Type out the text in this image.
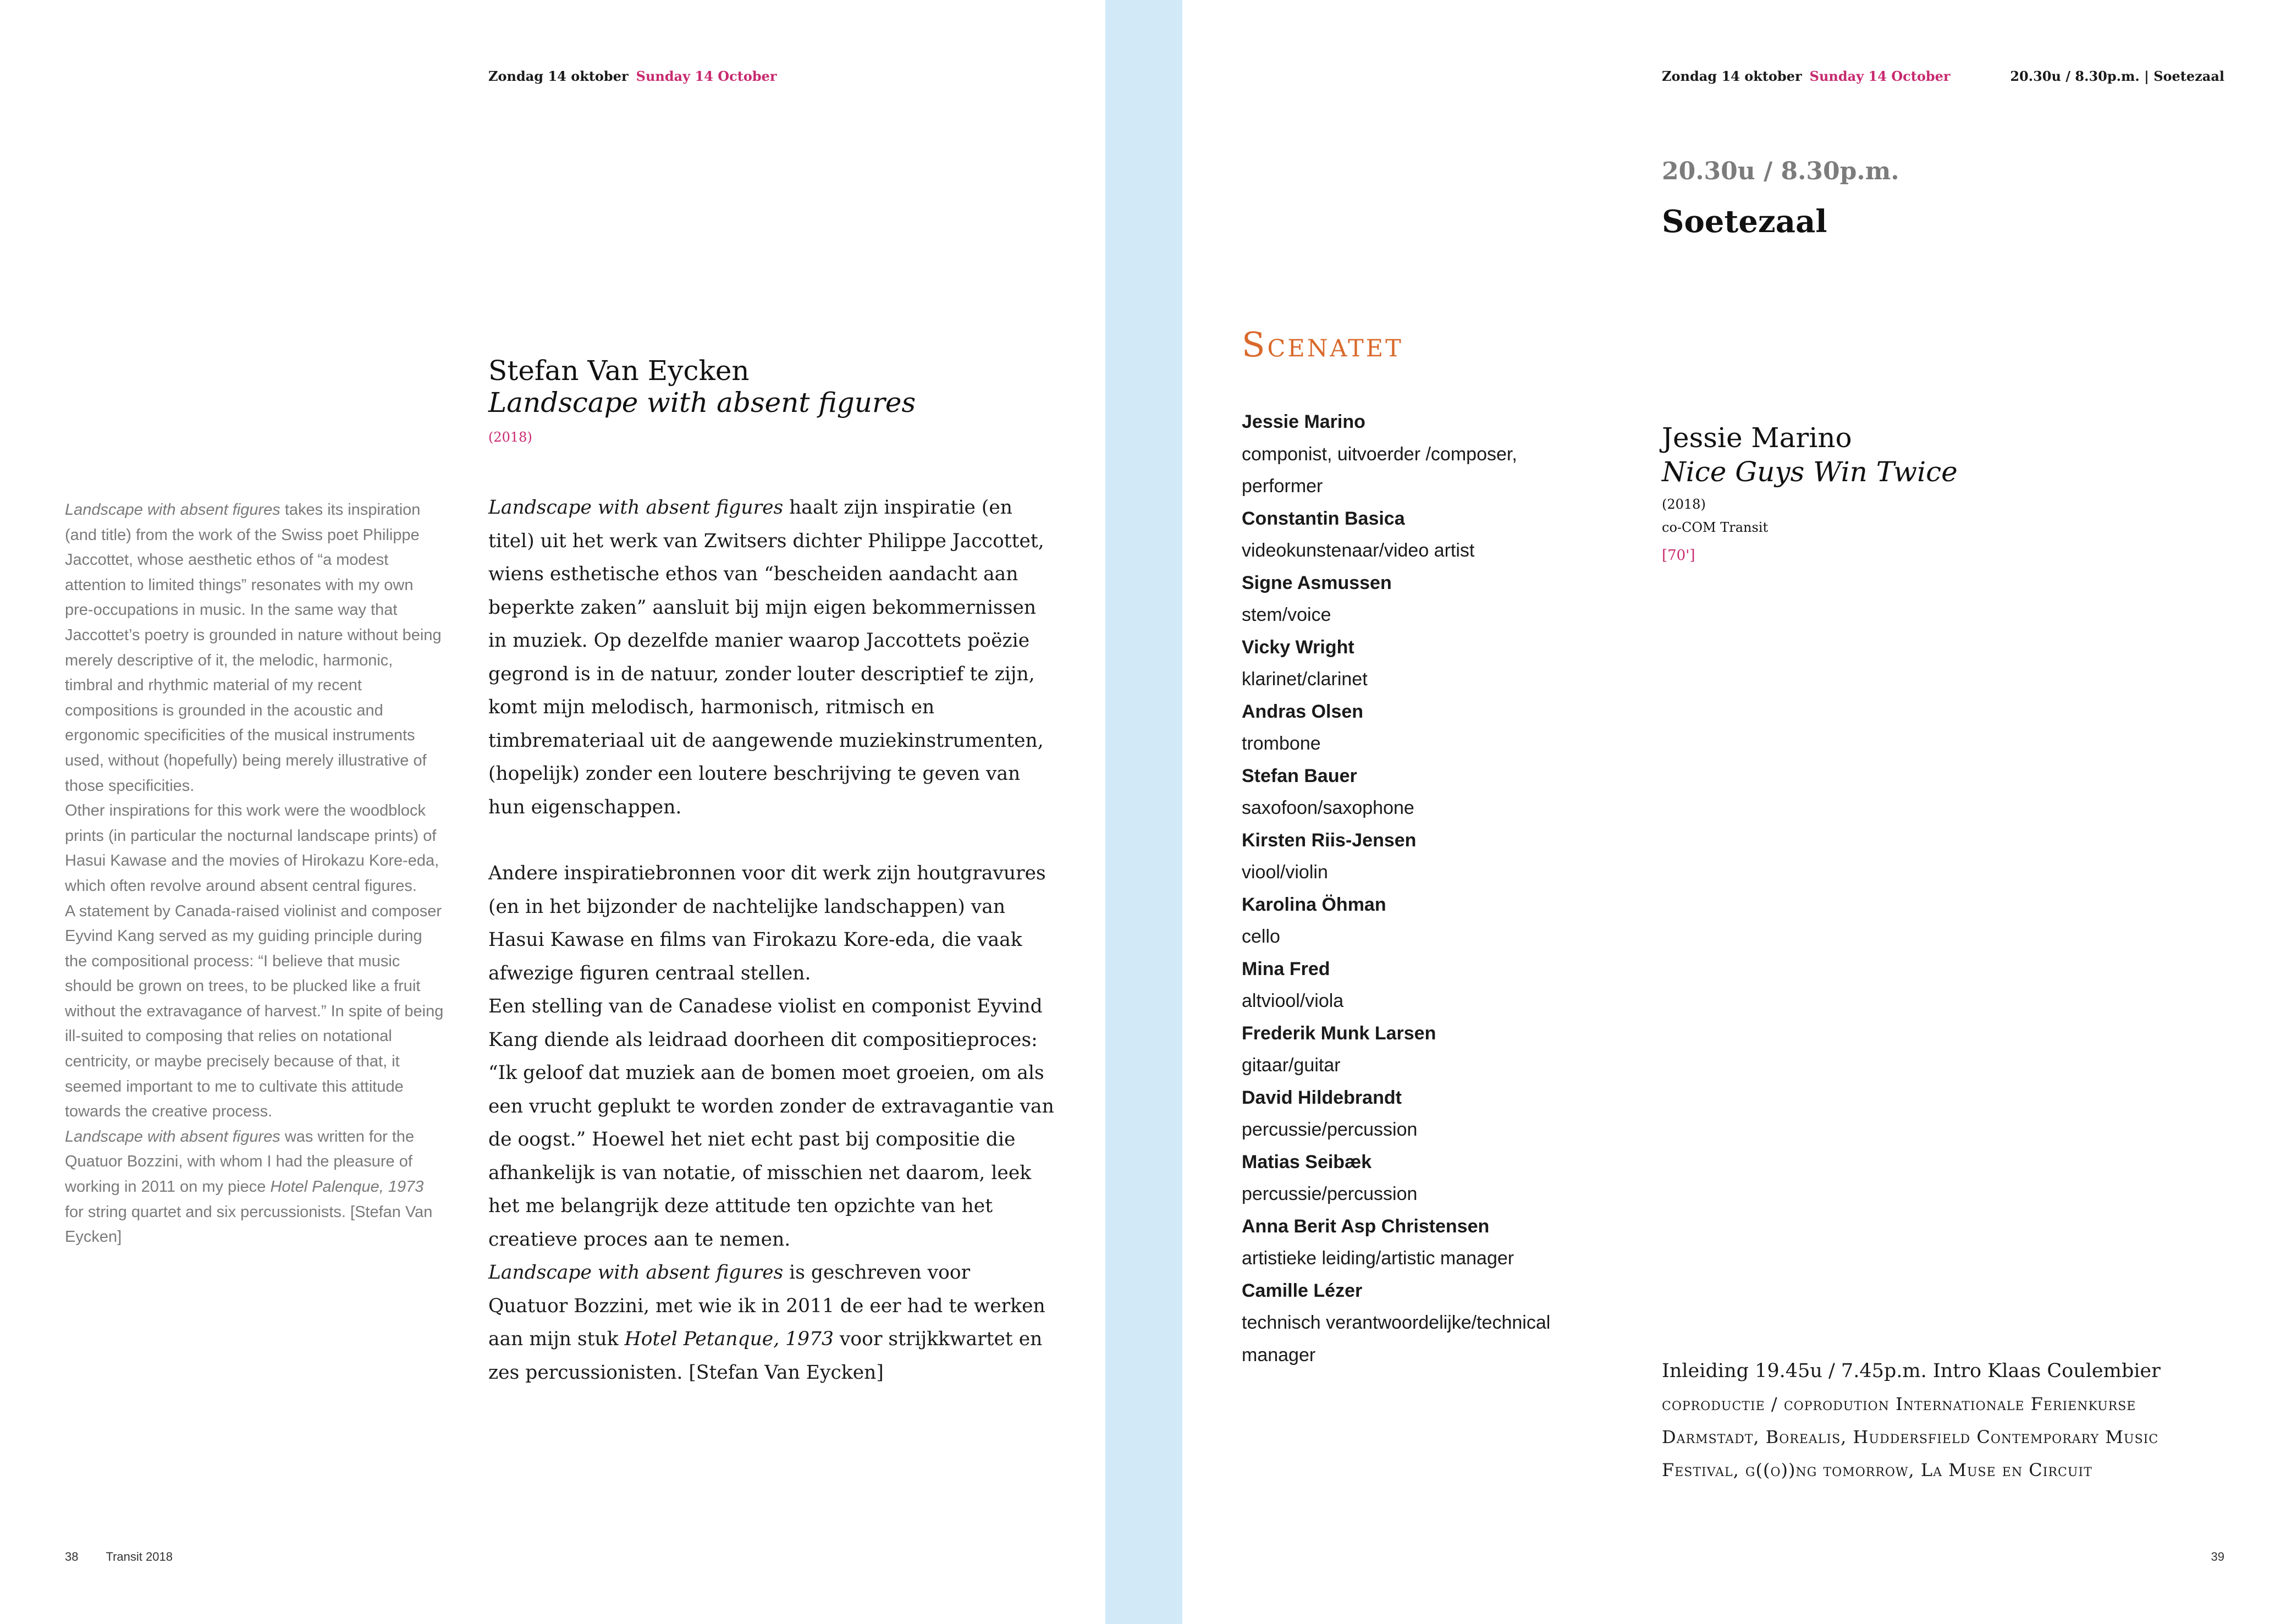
Zondag 14 oktober Sunday 14 October
Stefan Van Eycken
Landscape with absent figures
(2018)

Landscape with absent figures takes its inspiration (and title) from the work of the Swiss poet Philippe Jaccottet, whose aesthetic ethos of “a modest attention to limited things” resonates with my own pre-occupations in music. In the same way that Jaccottet’s poetry is grounded in nature without being merely descriptive of it, the melodic, harmonic, timbral and rhythmic material of my recent compositions is grounded in the acoustic and ergonomic specificities of the musical instruments used, without (hopefully) being merely illustrative of those specificities.

Other inspirations for this work were the woodblock prints (in particular the nocturnal landscape prints) of Hasui Kawase and the movies of Hirokazu Kore-eda, which often revolve around absent central figures.

A statement by Canada-raised violinist and composer Eyvind Kang served as my guiding principle during the compositional process: “I believe that music should be grown on trees, to be plucked like a fruit without the extravagance of harvest.” In spite of being ill-suited to composing that relies on notational centricity, or maybe precisely because of that, it seemed important to me to cultivate this attitude towards the creative process.

Landscape with absent figures was written for the Quatuor Bozzini, with whom I had the pleasure of working in 2011 on my piece Hotel Palenque, 1973 for string quartet and six percussionists. [Stefan Van Eycken]

Landscape with absent figures haalt zijn inspiratie (en titel) uit het werk van Zwitsers dichter Philippe Jaccottet, wiens esthetische ethos van “bescheiden aandacht aan beperkte zaken” aansluit bij mijn eigen bekommernissen in muziek. Op dezelfde manier waarop Jaccottets poëzie gegrond is in de natuur, zonder louter descriptief te zijn, komt mijn melodisch, harmonisch, ritmisch en timbremateriaal uit de aangewende muziekinstrumenten, (hopelijk) zonder een loutere beschrijving te geven van hun eigenschappen.

Andere inspiratiebronnen voor dit werk zijn houtgravures (en in het bijzonder de nachtelijke landschappen) van Hasui Kawase en films van Firokazu Kore-eda, die vaak afwezige figuren centraal stellen.

Een stelling van de Canadese violist en componist Eyvind Kang diende als leidraad doorheen dit compositieproces: “Ik geloof dat muziek aan de bomen moet groeien, om als een vrucht geplukt te worden zonder de extravagantie van de oogst.” Hoewel het niet echt past bij compositie die afhankelijk is van notatie, of misschien net daarom, leek het me belangrijk deze attitude ten opzichte van het creatieve proces aan te nemen.

Landscape with absent figures is geschreven voor Quatuor Bozzini, met wie ik in 2011 de eer had te werken aan mijn stuk Hotel Petanque, 1973 voor strijkkwartet en zes percussionisten. [Stefan Van Eycken]

38 Transit 2018
Zondag 14 oktober Sunday 14 October	20.30u / 8.30p.m. | Soetezaal
20.30u / 8.30p.m.
Soetezaal
Scenatet
Jessie Marino
componist, uitvoerder /composer, performer
Constantin Basica
videokunstenaar/video artist
Signe Asmussen
stem/voice
Vicky Wright
klarinet/clarinet
Andras Olsen
trombone
Stefan Bauer
saxofoon/saxophone
Kirsten Riis-Jensen
viool/violin
Karolina Öhman
cello
Mina Fred
altviool/viola
Frederik Munk Larsen
gitaar/guitar
David Hildebrandt
percussie/percussion
Matias Seibæk
percussie/percussion
Anna Berit Asp Christensen
artistieke leiding/artistic manager
Camille Lézer
technisch verantwoordelijke/technical manager
Jessie Marino
Nice Guys Win Twice
(2018)
co-COM Transit
[70']
Inleiding 19.45u / 7.45p.m. Intro Klaas Coulembier
coproductie / coprodution Internationale Ferienkurse Darmstadt, Borealis, Huddersfield Contemporary Music Festival, g((o))ng tomorrow, La Muse en Circuit
39
